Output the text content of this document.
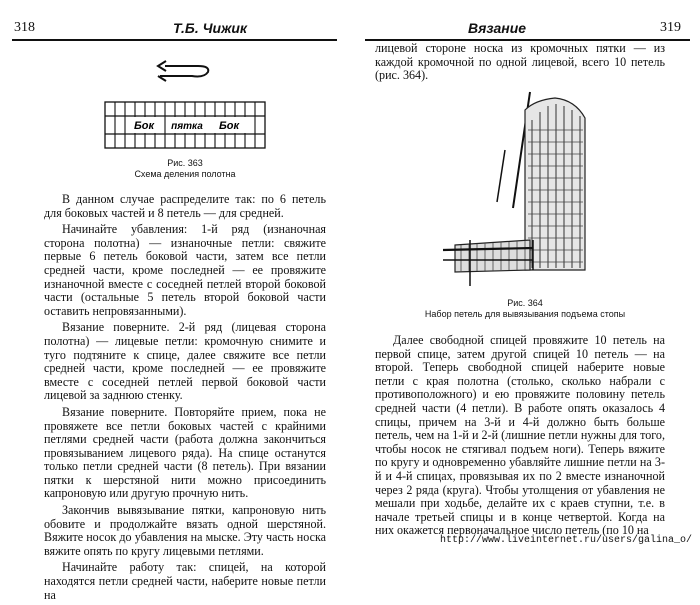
318	Т.Б. Чижик
Бок пятка Бок
Рис. 363
Схема деления полотна

В данном случае распределите так: по 6 петель для боковых частей и 8 петель — для средней.

Начинайте убавления: 1-й ряд (изнаночная сторона полотна) — изнаночные петли: свяжите первые 6 петель боковой части, затем все петли средней части, кроме последней — ее провяжите изнаночной вместе с соседней петлей второй боковой части (остальные 5 петель второй боковой части оставить непровязанными).

Вязание поверните. 2-й ряд (лицевая сторона полотна) — лицевые петли: кромочную снимите и туго подтяните к спице, далее свяжите все петли средней части, кроме последней — ее провяжите вместе с соседней петлей первой боковой части лицевой за заднюю стенку.

Вязание поверните. Повторяйте прием, пока не провяжете все петли боковых частей с крайними петлями средней части (работа должна закончиться провязыванием лицевого ряда). На спице останутся только петли средней части (8 петель). При вязании пятки к шерстяной нити можно присоединить капроновую или другую прочную нить.

Закончив вывязывание пятки, капроновую нить обовите и продолжайте вязать одной шерстяной. Вяжите носок до убавления на мыске. Эту часть носка вяжите опять по кругу лицевыми петлями.

Начинайте работу так: спицей, на которой находятся петли средней части, наберите новые петли на

Вязание	319

лицевой стороне носка из кромочных пятки — из каждой кромочной по одной лицевой, всего 10 петель (рис. 364).

Рис. 364
Набор петель для вывязывания подъема стопы

Далее свободной спицей провяжите 10 петель на первой спице, затем другой спицей 10 петель — на второй. Теперь свободной спицей наберите новые петли с края полотна (столько, сколько набрали с противоположного) и ею провяжите половину петель средней части (4 петли). В работе опять оказалось 4 спицы, причем на 3-й и 4-й должно быть больше петель, чем на 1-й и 2-й (лишние петли нужны для того, чтобы носок не стягивал подъем ноги). Теперь вяжите по кругу и одновременно убавляйте лишние петли на 3-й и 4-й спицах, провязывая их по 2 вместе изнаночной через 2 ряда (круга). Чтобы утолщения от убавления не мешали при ходьбе, делайте их с краев ступни, т.е. в начале третьей спицы и в конце четвертой. Когда на них окажется первоначальное число петель (по 10 на

http://www.liveinternet.ru/users/galina_o/
